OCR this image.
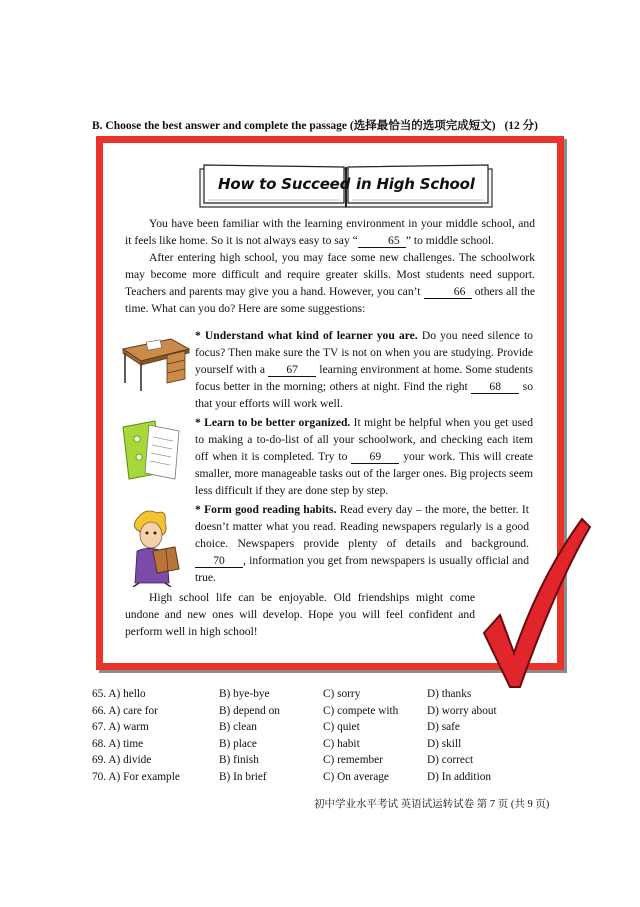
B. Choose the best answer and complete the passage (选择最恰当的选项完成短文) (12 分)
How to Succeed in High School

You have been familiar with the learning environment in your middle school, and it feels like home. So it is not always easy to say “	65 ” to middle school.

After entering high school, you may face some new challenges. The schoolwork may become more difficult and require greater skills. Most students need support. Teachers and parents may give you a hand. However, you can’t	66 others all the time. What can you do? Here are some suggestions:

* Understand what kind of learner you are. Do you need silence to focus? Then make sure the TV is not on when you are studying. Provide yourself with a 67 learning environment at home. Some students focus better in the morning; others at night. Find the right 68 so that your efforts will work well.

* Learn to be better organized. It might be helpful when you get used to making a to-do-list of all your schoolwork, and checking each item off when it is completed. Try to 69 your work. This will create smaller, more manageable tasks out of the larger ones. Big projects seem less difficult if they are done step by step.

* Form good reading habits. Read every day – the more, the better. It doesn’t matter what you read. Reading newspapers regularly is a good choice. Newspapers provide plenty of details and background. 70 , information you get from newspapers is usually official and true.

High school life can be enjoyable. Old friendships might come undone and new ones will develop. Hope you will feel confident and perform well in high school!

65. A) hello	B) bye-bye	C) sorry	D) thanks
66. A) care for	B) depend on	C) compete with	D) worry about
67. A) warm	B) clean	C) quiet	D) safe
68. A) time	B) place	C) habit	D) skill
69. A) divide	B) finish	C) remember	D) correct
70. A) For example	B) In brief	C) On average	D) In addition
初中学业水平考试 英语试运转试卷 第 7 页 (共 9 页)
